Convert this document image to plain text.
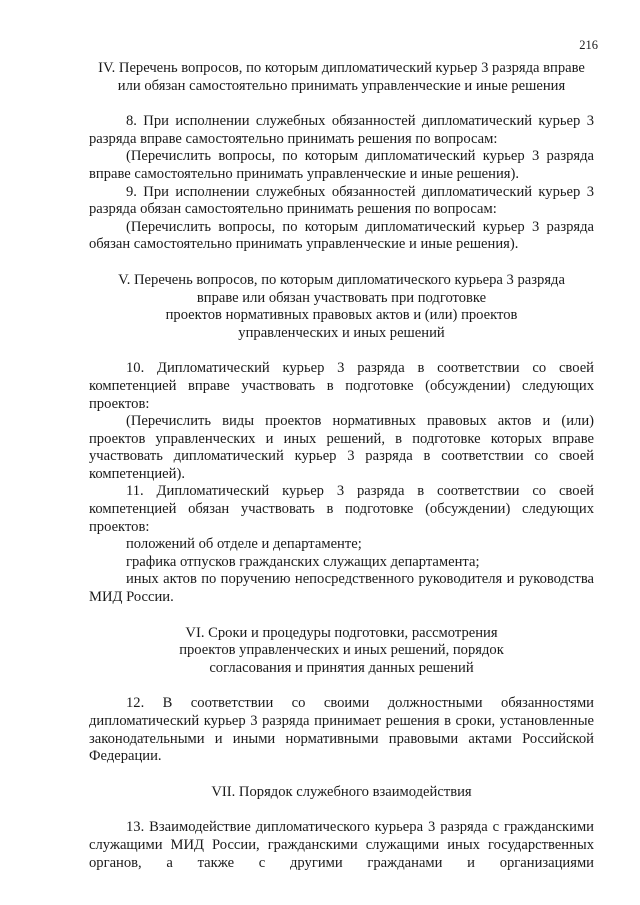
216
IV. Перечень вопросов, по которым дипломатический курьер 3 разряда вправе
или обязан самостоятельно принимать управленческие и иные решения

8. При исполнении служебных обязанностей дипломатический курьер 3 разряда вправе самостоятельно принимать решения по вопросам:

(Перечислить вопросы, по которым дипломатический курьер 3 разряда вправе самостоятельно принимать управленческие и иные решения).

9. При исполнении служебных обязанностей дипломатический курьер 3 разряда обязан самостоятельно принимать решения по вопросам:

(Перечислить вопросы, по которым дипломатический курьер 3 разряда обязан самостоятельно принимать управленческие и иные решения).

V. Перечень вопросов, по которым дипломатического курьера 3 разряда
вправе или обязан участвовать при подготовке
проектов нормативных правовых актов и (или) проектов
управленческих и иных решений

10. Дипломатический курьер 3 разряда в соответствии со своей компетенцией вправе участвовать в подготовке (обсуждении) следующих проектов:

(Перечислить виды проектов нормативных правовых актов и (или) проектов управленческих и иных решений, в подготовке которых вправе участвовать дипломатический курьер 3 разряда в соответствии со своей компетенцией).

11. Дипломатический курьер 3 разряда в соответствии со своей компетенцией обязан участвовать в подготовке (обсуждении) следующих проектов:

положений об отделе и департаменте;

графика отпусков гражданских служащих департамента;

иных актов по поручению непосредственного руководителя и руководства МИД России.

VI. Сроки и процедуры подготовки, рассмотрения
проектов управленческих и иных решений, порядок
согласования и принятия данных решений

12. В соответствии со своими должностными обязанностями дипломатический курьер 3 разряда принимает решения в сроки, установленные законодательными и иными нормативными правовыми актами Российской Федерации.

VII. Порядок служебного взаимодействия

13. Взаимодействие дипломатического курьера 3 разряда с гражданскими служащими МИД России, гражданскими служащими иных государственных органов, а также с другими гражданами и организациями
